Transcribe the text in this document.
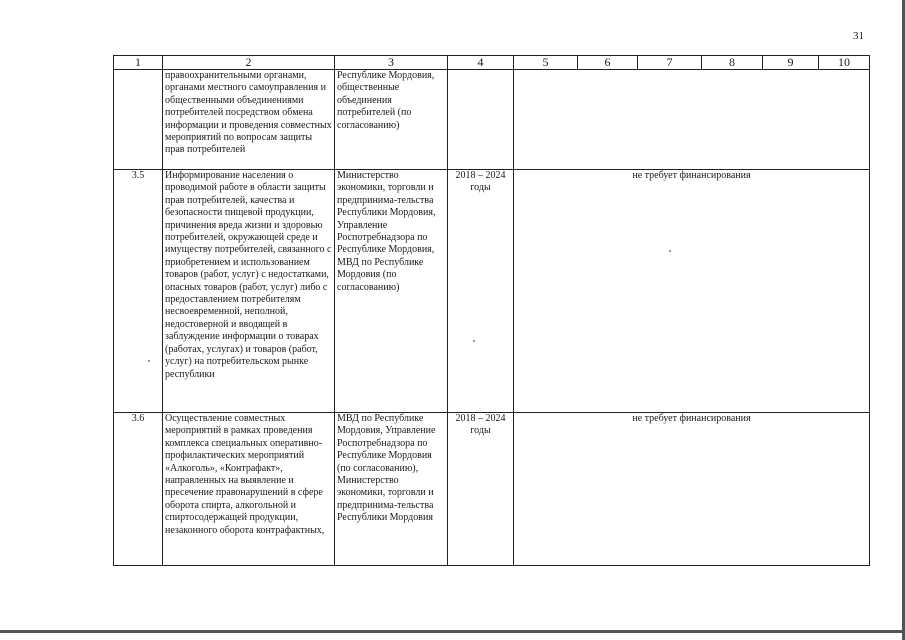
31
1	2	3	4	5	6	7	8	9	10
	правоохранительными органами, органами местного самоуправления и общественными объединениями потребителей посредством обмена информации и проведения совместных мероприятий по вопросам защиты прав потребителей	Республике Мордовия, общественные объединения потребителей (по согласованию)							
3.5	Информирование населения о проводимой работе в области защиты прав потребителей, качества и безопасности пищевой продукции, причинения вреда жизни и здоровью потребителей, окружающей среде и имуществу потребителей, связанного с приобретением и использованием товаров (работ, услуг) с недостатками, опасных товаров (работ, услуг) либо с предоставлением потребителям несвоевременной, неполной, недостоверной и вводящей в заблуждение информации о товарах (работах, услугах) и товаров (работ, услуг) на потребительском рынке республики	Министерство экономики, торговли и предпринима-тельства Республики Мордовия, Управление Роспотребнадзора по Республике Мордовия, МВД по Республике Мордовия (по согласованию)	2018 – 2024 годы	не требует финансирования					
3.6	Осуществление совместных мероприятий в рамках проведения комплекса специальных оперативно-профилактических мероприятий «Алкоголь», «Контрафакт», направленных на выявление и пресечение правонарушений в сфере оборота спирта, алкогольной и спиртосодержащей продукции, незаконного оборота контрафактных,	МВД по Республике Мордовия, Управление Роспотребнадзора по Республике Мордовия (по согласованию), Министерство экономики, торговли и предпринима-тельства Республики Мордовия	2018 – 2024 годы	не требует финансирования					
